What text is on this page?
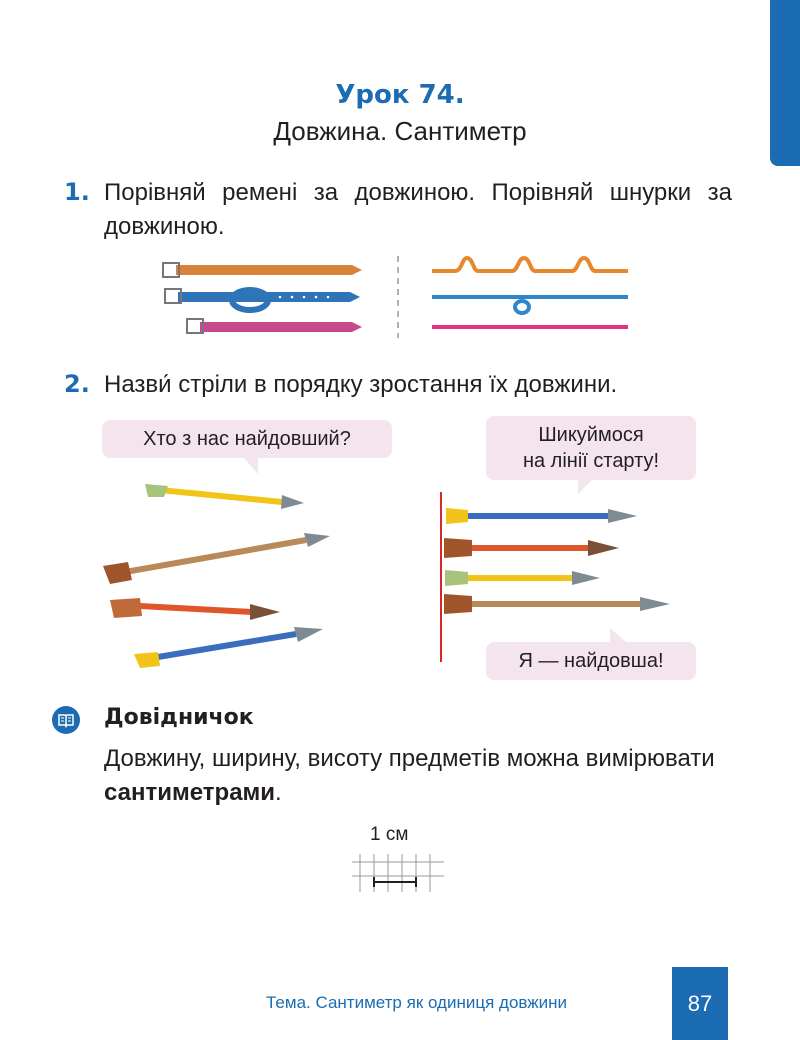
Урок 74.
Довжина. Сантиметр
1. Порівняй ремені за довжиною. Порівняй шнурки за довжиною.
2. Назви́ стріли в порядку зростання їх довжини.
Хто з нас найдовший?	Шикуймося
на лінії старту!
Я — найдовша!
Довідничок
Довжину, ширину, висоту предметів можна вимірювати сантиметрами.
1 см
Тема. Сантиметр як одиниця довжини	87
